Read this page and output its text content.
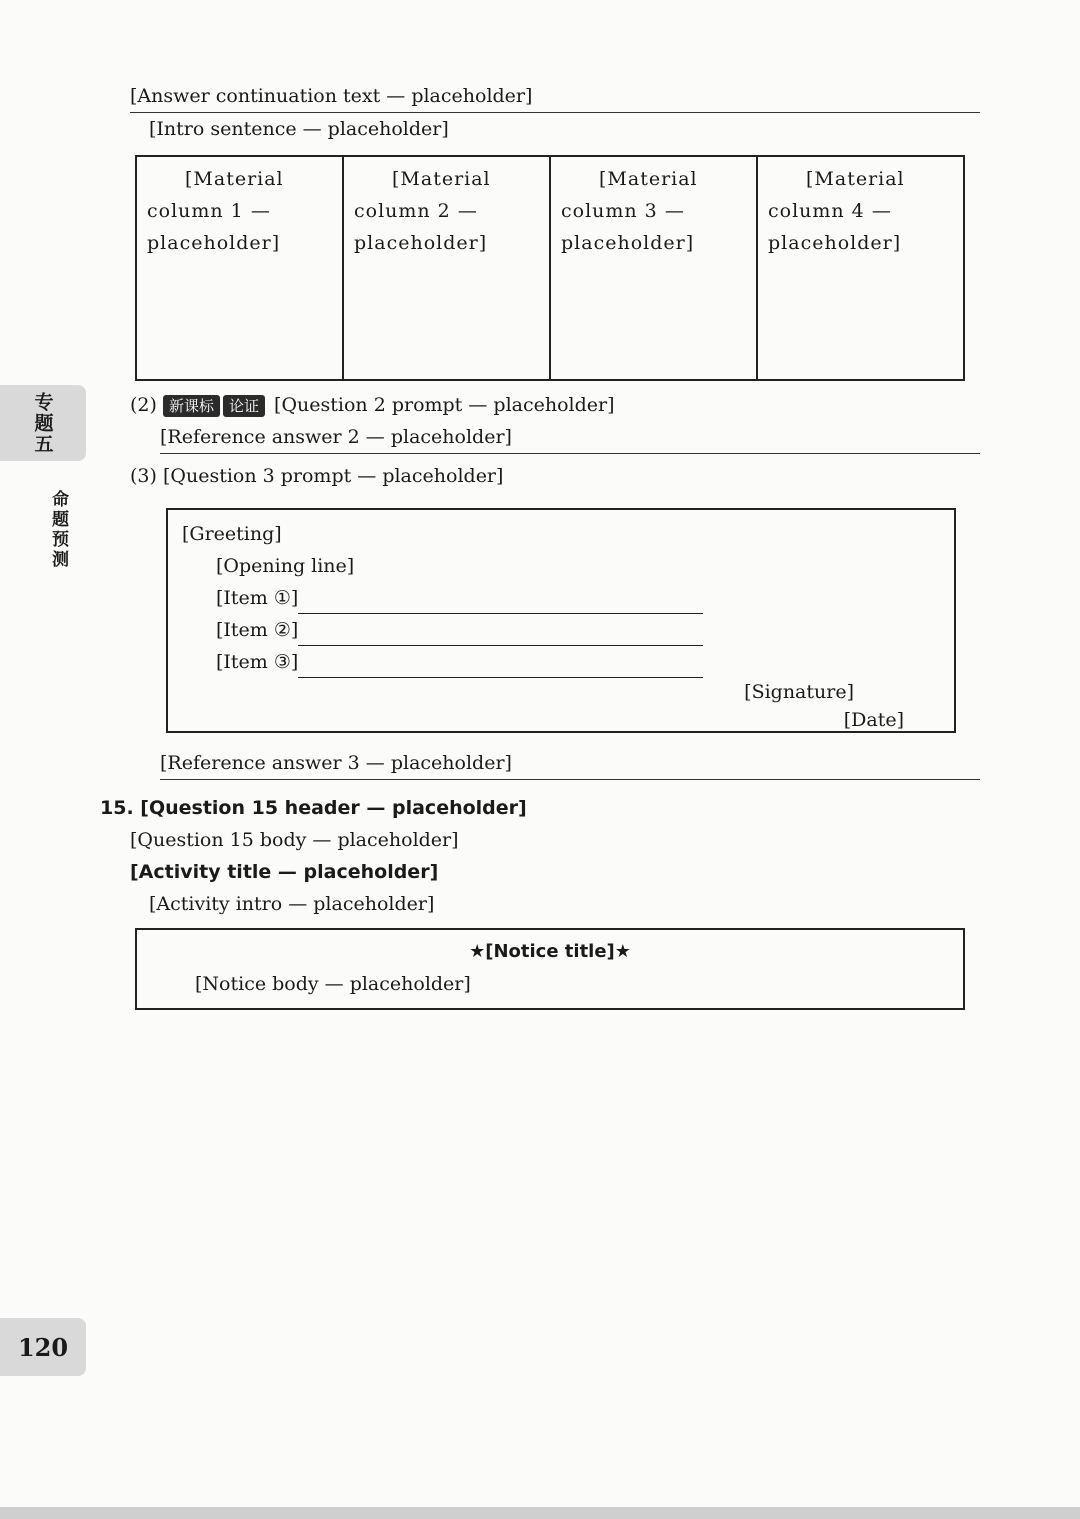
专题五
命题预测
120
[Answer continuation text — placeholder]
[Intro sentence — placeholder]
[Material column 1 — placeholder]	[Material column 2 — placeholder]	[Material column 3 — placeholder]	[Material column 4 — placeholder]
(2) 新课标 论证 [Question 2 prompt — placeholder]
[Reference answer 2 — placeholder]
(3) [Question 3 prompt — placeholder]
[Greeting]
[Opening line]
[Item ①]
[Item ②]
[Item ③]
[Signature]
[Date]
[Reference answer 3 — placeholder]
15. [Question 15 header — placeholder]
[Question 15 body — placeholder]
[Activity title — placeholder]
[Activity intro — placeholder]
★[Notice title]★
[Notice body — placeholder]
